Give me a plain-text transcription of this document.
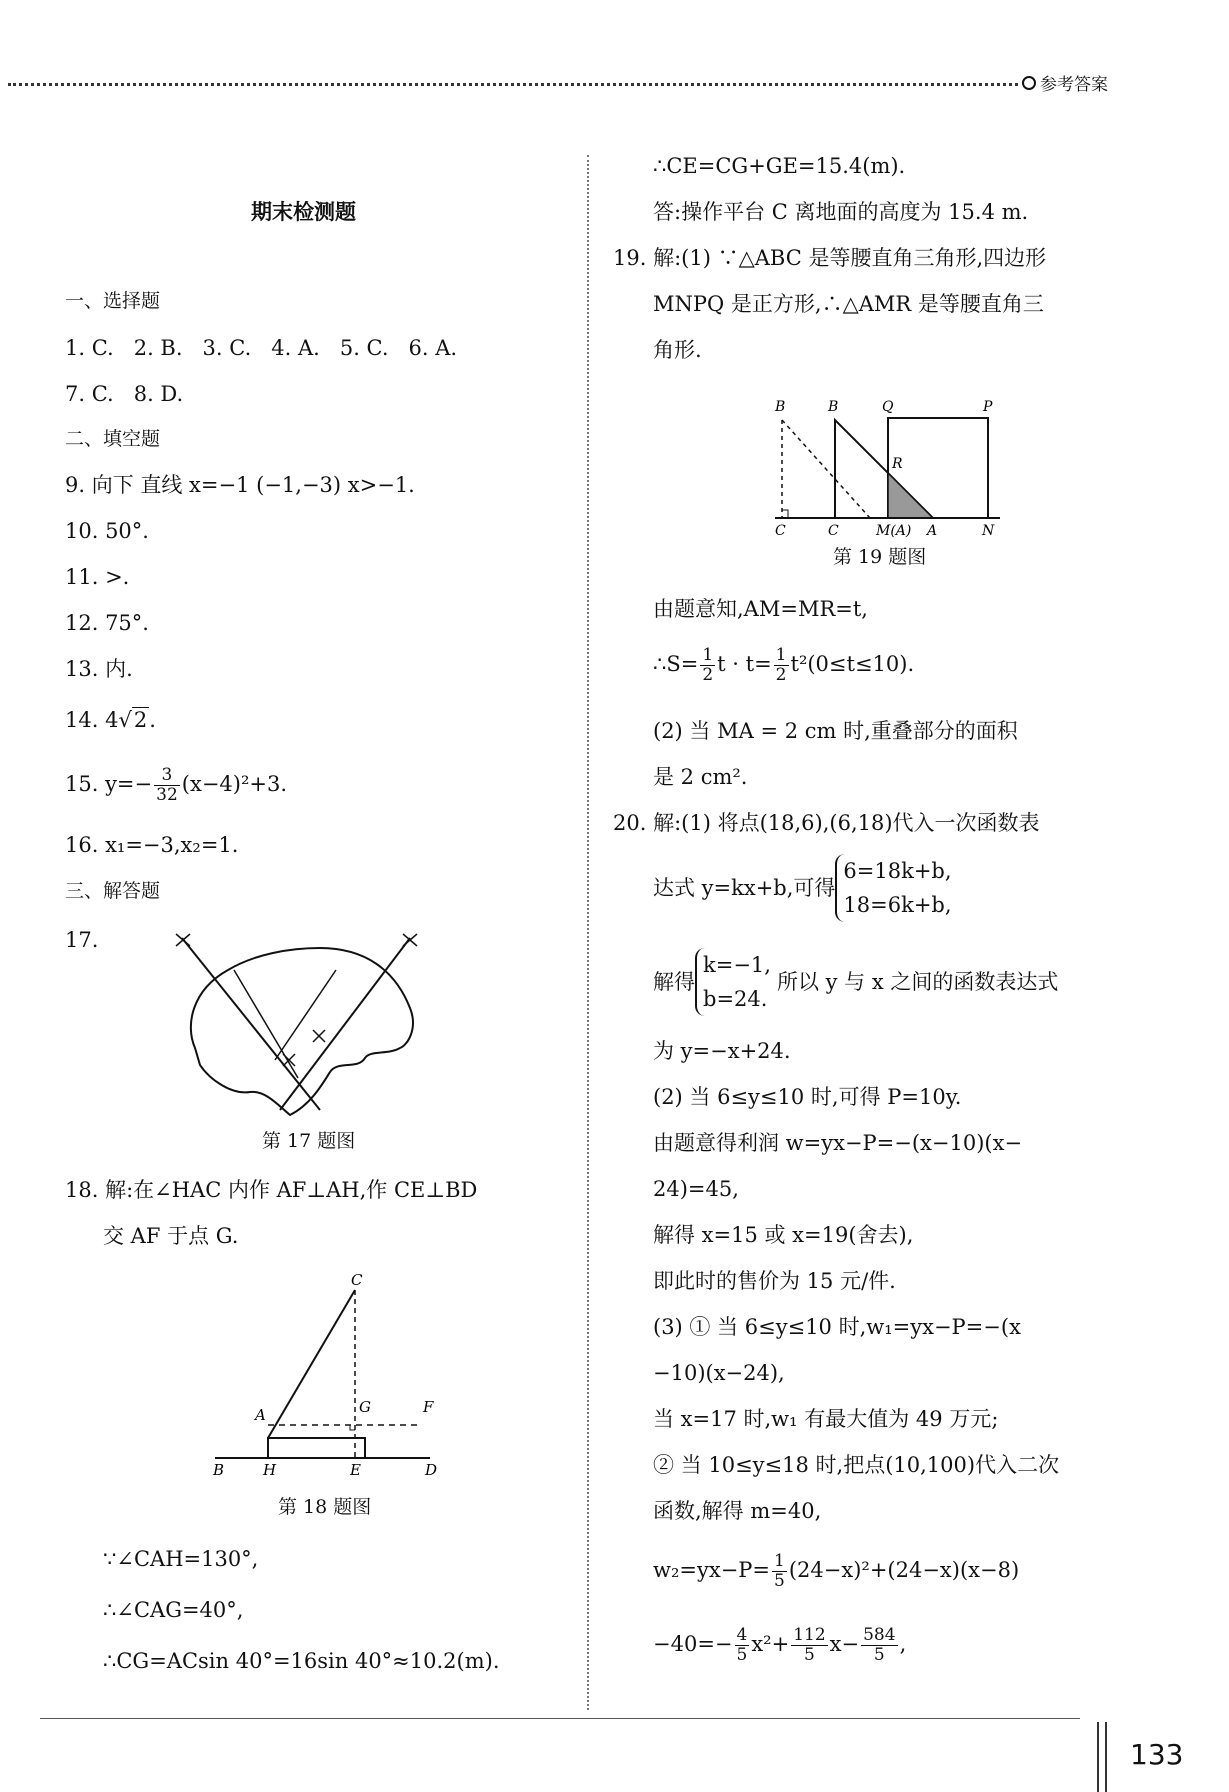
参考答案
期末检测题
一、选择题
1. C. 2. B. 3. C. 4. A. 5. C. 6. A.
7. C. 8. D.
二、填空题
9. 向下 直线 x=−1 (−1,−3) x>−1.
10. 50°.
11. >.
12. 75°.
13. 内.
14. 4√2.
15. $y=- \frac{3}{32} (x-4)^2+3$.
16. x₁=−3,x₂=1.
三、解答题
17.
第 17 题图
18. 解:在∠HAC 内作 AF⊥AH,作 CE⊥BD
交 AF 于点 G.
C
A	G	F
B	H	E	D
第 18 题图
∵∠CAH=130°,
∴∠CAG=40°,
∴CG=ACsin 40°=16sin 40°≈10.2(m).
∴CE=CG+GE=15.4(m).
答:操作平台 C 离地面的高度为 15.4 m.
19. 解:(1) ∵△ABC 是等腰直角三角形,四边形
MNPQ 是正方形,∴△AMR 是等腰直角三
角形.
B	B	Q	P
R
C	C	M(A) A	N
第 19 题图
由题意知,AM=MR=t,
∴S= $\frac{1}{2}$ $t \cdot t= \frac{1}{2} t^2(0\le t\le 10)$.
(2) 当 MA = 2 cm 时,重叠部分的面积
是 2 cm².
20. 解:(1) 将点(18,6),(6,18)代入一次函数表
达式 y=kx+b,可得6=18k+b,
18=6k+b,
解得k=−1,
b=24.所以 y 与 x 之间的函数表达式
为 y=−x+24.
(2) 当 6≤y≤10 时,可得 P=10y.
由题意得利润 w=yx−P=−(x−10)(x−
24)=45,
解得 x=15 或 x=19(舍去),
即此时的售价为 15 元/件.
(3) ① 当 6≤y≤10 时,w₁=yx−P=−(x
−10)(x−24),
当 x=17 时,w₁ 有最大值为 49 万元;
② 当 10≤y≤18 时,把点(10,100)代入二次
函数,解得 m=40,
$w_2=yx-P= \frac{1}{5} (24-x)^2+(24-x)(x-8)$
$-40=- \frac{4}{5} x^2+ \frac{112}{5} x- \frac{584}{5}$ ,
133
